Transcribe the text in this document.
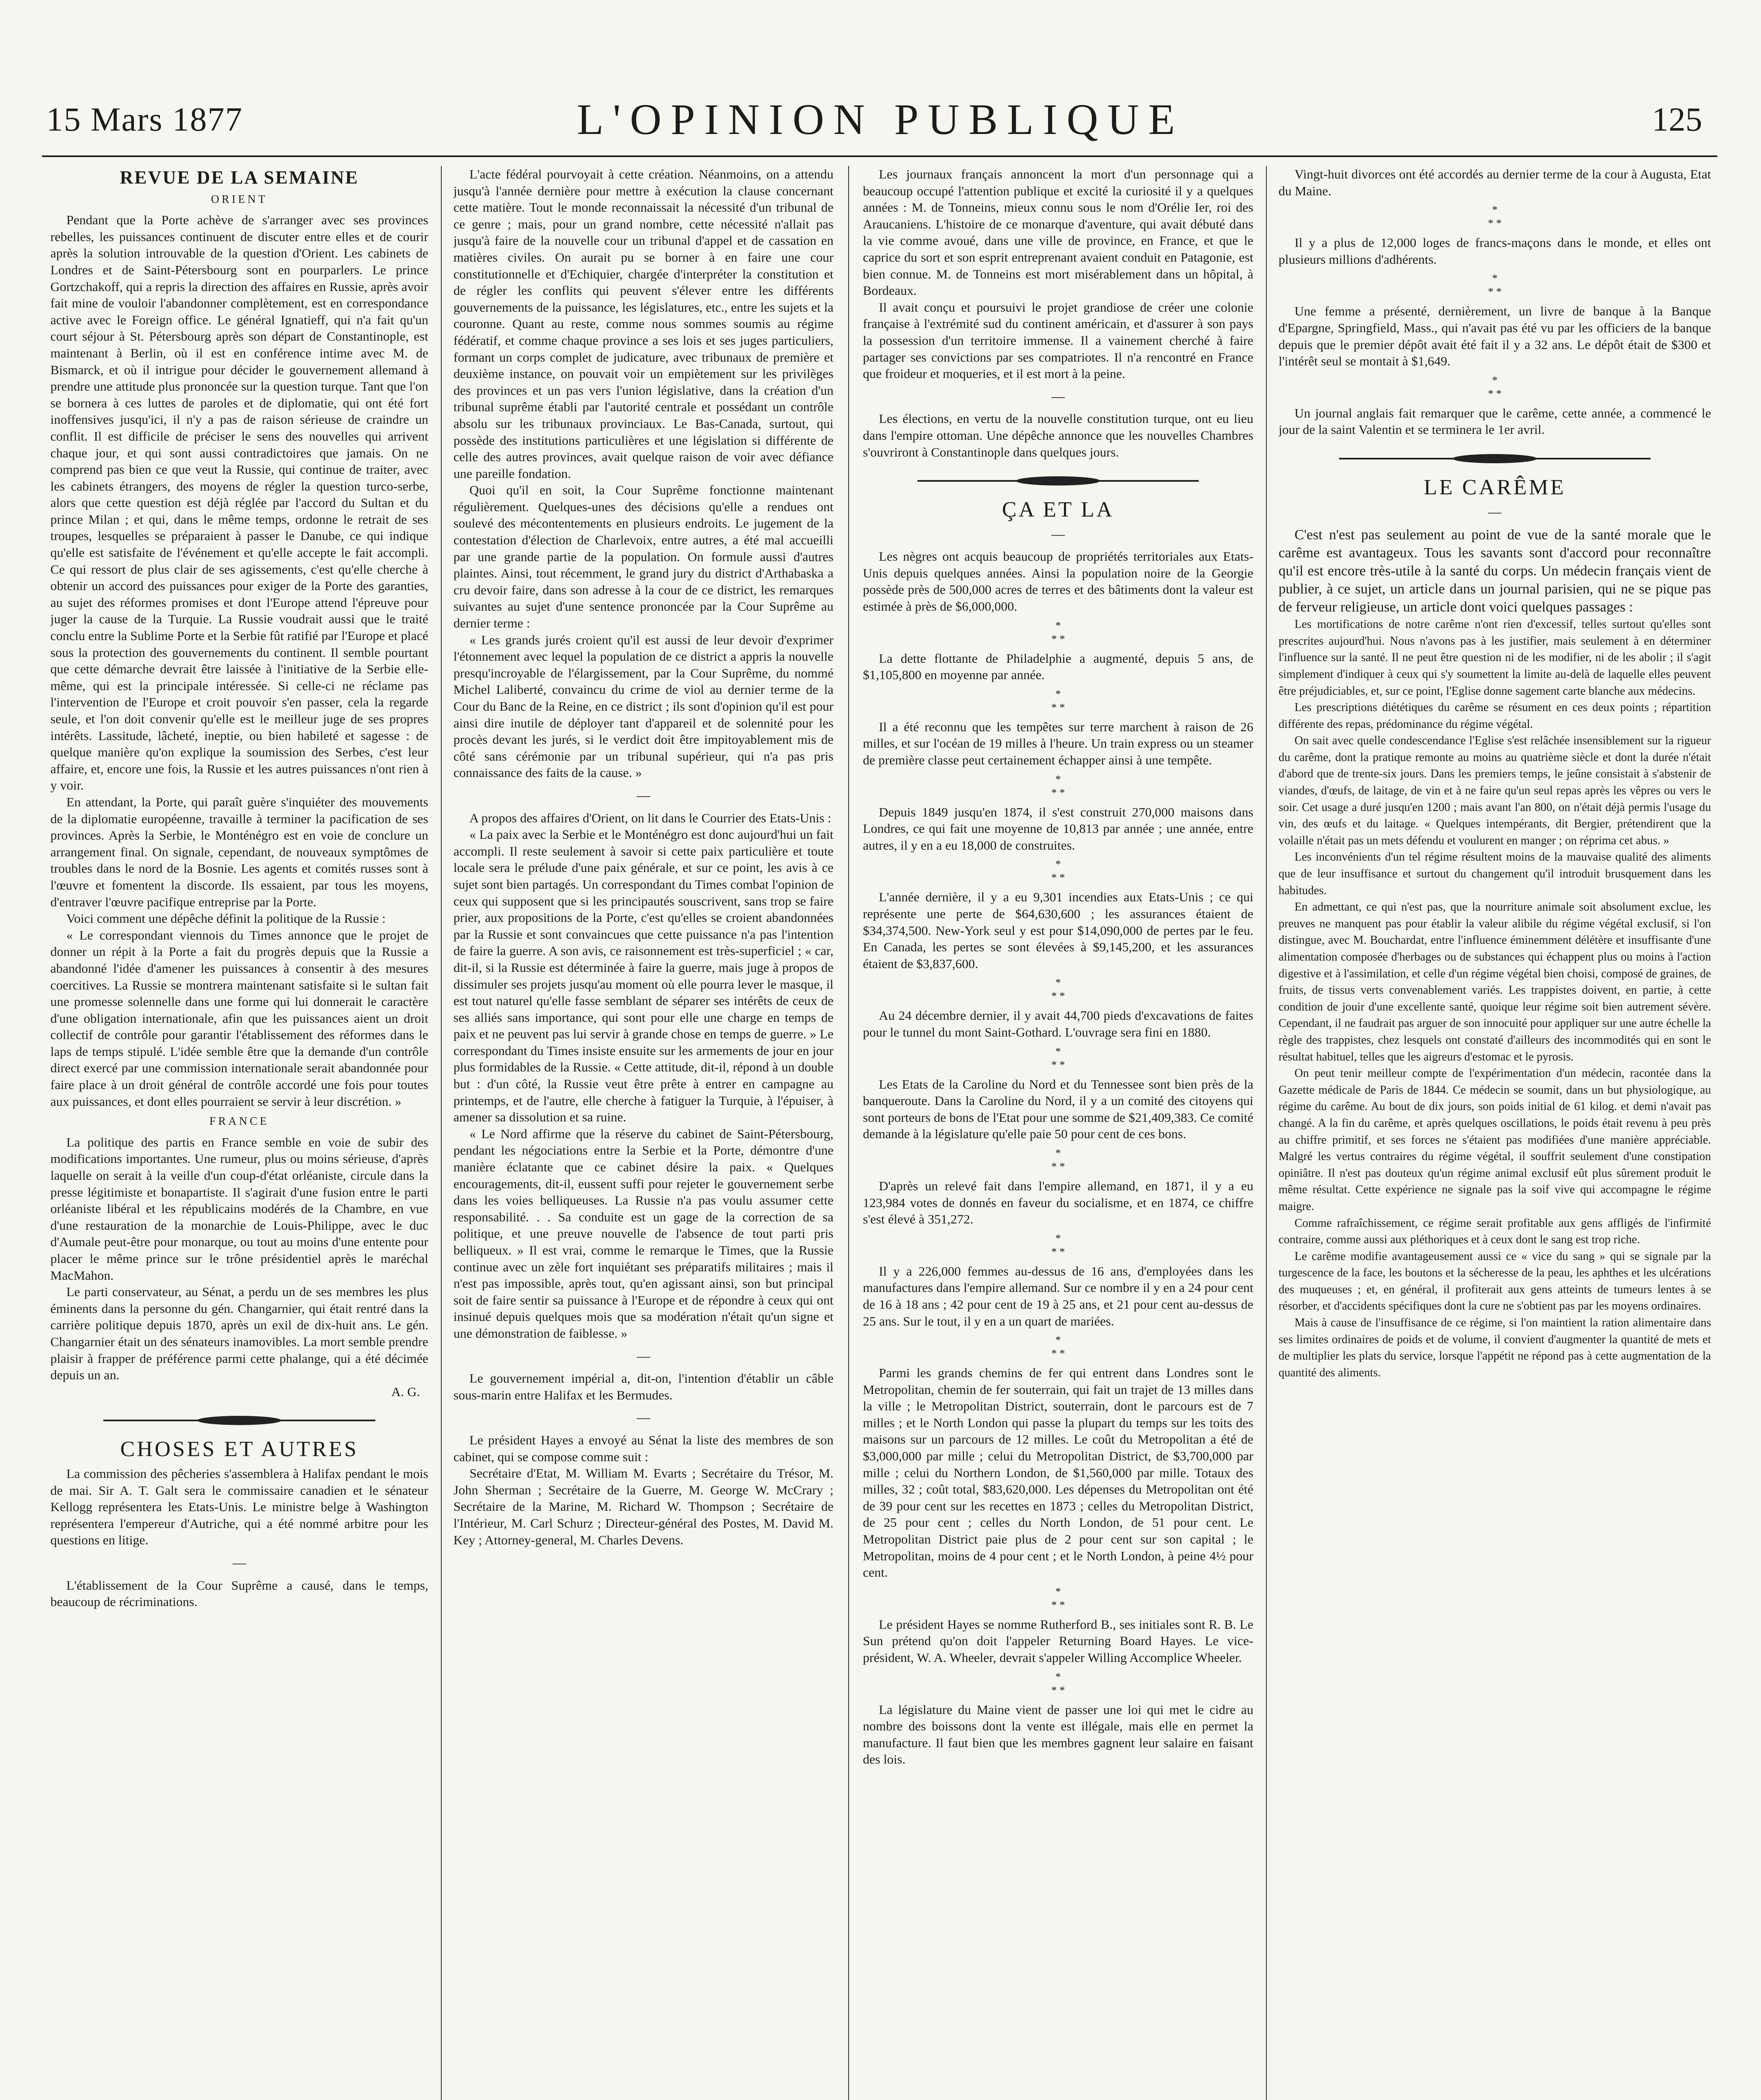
15 Mars 1877	L'OPINION PUBLIQUE	125
REVUE DE LA SEMAINE
ORIENT

Pendant que la Porte achève de s'arranger avec ses provinces rebelles, les puissances continuent de discuter entre elles et de courir après la solution introuvable de la question d'Orient. Les cabinets de Londres et de Saint-Pétersbourg sont en pourparlers. Le prince Gortzchakoff, qui a repris la direction des affaires en Russie, après avoir fait mine de vouloir l'abandonner complètement, est en correspondance active avec le Foreign office. Le général Ignatieff, qui n'a fait qu'un court séjour à St. Pétersbourg après son départ de Constantinople, est maintenant à Berlin, où il est en conférence intime avec M. de Bismarck, et où il intrigue pour décider le gouvernement allemand à prendre une attitude plus prononcée sur la question turque. Tant que l'on se bornera à ces luttes de paroles et de diplomatie, qui ont été fort inoffensives jusqu'ici, il n'y a pas de raison sérieuse de craindre un conflit. Il est difficile de préciser le sens des nouvelles qui arrivent chaque jour, et qui sont aussi contradictoires que jamais. On ne comprend pas bien ce que veut la Russie, qui continue de traiter, avec les cabinets étrangers, des moyens de régler la question turco-serbe, alors que cette question est déjà réglée par l'accord du Sultan et du prince Milan ; et qui, dans le même temps, ordonne le retrait de ses troupes, lesquelles se préparaient à passer le Danube, ce qui indique qu'elle est satisfaite de l'événement et qu'elle accepte le fait accompli. Ce qui ressort de plus clair de ses agissements, c'est qu'elle cherche à obtenir un accord des puissances pour exiger de la Porte des garanties, au sujet des réformes promises et dont l'Europe attend l'épreuve pour juger la cause de la Turquie. La Russie voudrait aussi que le traité conclu entre la Sublime Porte et la Serbie fût ratifié par l'Europe et placé sous la protection des gouvernements du continent. Il semble pourtant que cette démarche devrait être laissée à l'initiative de la Serbie elle-même, qui est la principale intéressée. Si celle-ci ne réclame pas l'intervention de l'Europe et croit pouvoir s'en passer, cela la regarde seule, et l'on doit convenir qu'elle est le meilleur juge de ses propres intérêts. Lassitude, lâcheté, ineptie, ou bien habileté et sagesse : de quelque manière qu'on explique la soumission des Serbes, c'est leur affaire, et, encore une fois, la Russie et les autres puissances n'ont rien à y voir.

En attendant, la Porte, qui paraît guère s'inquiéter des mouvements de la diplomatie européenne, travaille à terminer la pacification de ses provinces. Après la Serbie, le Monténégro est en voie de conclure un arrangement final. On signale, cependant, de nouveaux symptômes de troubles dans le nord de la Bosnie. Les agents et comités russes sont à l'œuvre et fomentent la discorde. Ils essaient, par tous les moyens, d'entraver l'œuvre pacifique entreprise par la Porte.

Voici comment une dépêche définit la politique de la Russie :

« Le correspondant viennois du Times annonce que le projet de donner un répit à la Porte a fait du progrès depuis que la Russie a abandonné l'idée d'amener les puissances à consentir à des mesures coercitives. La Russie se montrera maintenant satisfaite si le sultan fait une promesse solennelle dans une forme qui lui donnerait le caractère d'une obligation internationale, afin que les puissances aient un droit collectif de contrôle pour garantir l'établissement des réformes dans le laps de temps stipulé. L'idée semble être que la demande d'un contrôle direct exercé par une commission internationale serait abandonnée pour faire place à un droit général de contrôle accordé une fois pour toutes aux puissances, et dont elles pourraient se servir à leur discrétion. »

FRANCE

La politique des partis en France semble en voie de subir des modifications importantes. Une rumeur, plus ou moins sérieuse, d'après laquelle on serait à la veille d'un coup-d'état orléaniste, circule dans la presse légitimiste et bonapartiste. Il s'agirait d'une fusion entre le parti orléaniste libéral et les républicains modérés de la Chambre, en vue d'une restauration de la monarchie de Louis-Philippe, avec le duc d'Aumale peut-être pour monarque, ou tout au moins d'une entente pour placer le même prince sur le trône présidentiel après le maréchal MacMahon.

Le parti conservateur, au Sénat, a perdu un de ses membres les plus éminents dans la personne du gén. Changarnier, qui était rentré dans la carrière politique depuis 1870, après un exil de dix-huit ans. Le gén. Changarnier était un des sénateurs inamovibles. La mort semble prendre plaisir à frapper de préférence parmi cette phalange, qui a été décimée depuis un an.

A. G.

CHOSES ET AUTRES

La commission des pêcheries s'assemblera à Halifax pendant le mois de mai. Sir A. T. Galt sera le commissaire canadien et le sénateur Kellogg représentera les Etats-Unis. Le ministre belge à Washington représentera l'empereur d'Autriche, qui a été nommé arbitre pour les questions en litige.

—

L'établissement de la Cour Suprême a causé, dans le temps, beaucoup de récriminations.

L'acte fédéral pourvoyait à cette création. Néanmoins, on a attendu jusqu'à l'année dernière pour mettre à exécution la clause concernant cette matière. Tout le monde reconnaissait la nécessité d'un tribunal de ce genre ; mais, pour un grand nombre, cette nécessité n'allait pas jusqu'à faire de la nouvelle cour un tribunal d'appel et de cassation en matières civiles. On aurait pu se borner à en faire une cour constitutionnelle et d'Echiquier, chargée d'interpréter la constitution et de régler les conflits qui peuvent s'élever entre les différents gouvernements de la puissance, les législatures, etc., entre les sujets et la couronne. Quant au reste, comme nous sommes soumis au régime fédératif, et comme chaque province a ses lois et ses juges particuliers, formant un corps complet de judicature, avec tribunaux de première et deuxième instance, on pouvait voir un empiètement sur les privilèges des provinces et un pas vers l'union législative, dans la création d'un tribunal suprême établi par l'autorité centrale et possédant un contrôle absolu sur les tribunaux provinciaux. Le Bas-Canada, surtout, qui possède des institutions particulières et une législation si différente de celle des autres provinces, avait quelque raison de voir avec défiance une pareille fondation.

Quoi qu'il en soit, la Cour Suprême fonctionne maintenant régulièrement. Quelques-unes des décisions qu'elle a rendues ont soulevé des mécontentements en plusieurs endroits. Le jugement de la contestation d'élection de Charlevoix, entre autres, a été mal accueilli par une grande partie de la population. On formule aussi d'autres plaintes. Ainsi, tout récemment, le grand jury du district d'Arthabaska a cru devoir faire, dans son adresse à la cour de ce district, les remarques suivantes au sujet d'une sentence prononcée par la Cour Suprême au dernier terme :

« Les grands jurés croient qu'il est aussi de leur devoir d'exprimer l'étonnement avec lequel la population de ce district a appris la nouvelle presqu'incroyable de l'élargissement, par la Cour Suprême, du nommé Michel Laliberté, convaincu du crime de viol au dernier terme de la Cour du Banc de la Reine, en ce district ; ils sont d'opinion qu'il est pour ainsi dire inutile de déployer tant d'appareil et de solennité pour les procès devant les jurés, si le verdict doit être impitoyablement mis de côté sans cérémonie par un tribunal supérieur, qui n'a pas pris connaissance des faits de la cause. »

—

A propos des affaires d'Orient, on lit dans le Courrier des Etats-Unis :

« La paix avec la Serbie et le Monténégro est donc aujourd'hui un fait accompli. Il reste seulement à savoir si cette paix particulière et toute locale sera le prélude d'une paix générale, et sur ce point, les avis à ce sujet sont bien partagés. Un correspondant du Times combat l'opinion de ceux qui supposent que si les principautés souscrivent, sans trop se faire prier, aux propositions de la Porte, c'est qu'elles se croient abandonnées par la Russie et sont convaincues que cette puissance n'a pas l'intention de faire la guerre. A son avis, ce raisonnement est très-superficiel ; « car, dit-il, si la Russie est déterminée à faire la guerre, mais juge à propos de dissimuler ses projets jusqu'au moment où elle pourra lever le masque, il est tout naturel qu'elle fasse semblant de séparer ses intérêts de ceux de ses alliés sans importance, qui sont pour elle une charge en temps de paix et ne peuvent pas lui servir à grande chose en temps de guerre. » Le correspondant du Times insiste ensuite sur les armements de jour en jour plus formidables de la Russie. « Cette attitude, dit-il, répond à un double but : d'un côté, la Russie veut être prête à entrer en campagne au printemps, et de l'autre, elle cherche à fatiguer la Turquie, à l'épuiser, à amener sa dissolution et sa ruine.

« Le Nord affirme que la réserve du cabinet de Saint-Pétersbourg, pendant les négociations entre la Serbie et la Porte, démontre d'une manière éclatante que ce cabinet désire la paix. « Quelques encouragements, dit-il, eussent suffi pour rejeter le gouvernement serbe dans les voies belliqueuses. La Russie n'a pas voulu assumer cette responsabilité. . . Sa conduite est un gage de la correction de sa politique, et une preuve nouvelle de l'absence de tout parti pris belliqueux. » Il est vrai, comme le remarque le Times, que la Russie continue avec un zèle fort inquiétant ses préparatifs militaires ; mais il n'est pas impossible, après tout, qu'en agissant ainsi, son but principal soit de faire sentir sa puissance à l'Europe et de répondre à ceux qui ont insinué depuis quelques mois que sa modération n'était qu'un signe et une démonstration de faiblesse. »

—

Le gouvernement impérial a, dit-on, l'intention d'établir un câble sous-marin entre Halifax et les Bermudes.

—

Le président Hayes a envoyé au Sénat la liste des membres de son cabinet, qui se compose comme suit :

Secrétaire d'Etat, M. William M. Evarts ; Secrétaire du Trésor, M. John Sherman ; Secrétaire de la Guerre, M. George W. McCrary ; Secrétaire de la Marine, M. Richard W. Thompson ; Secrétaire de l'Intérieur, M. Carl Schurz ; Directeur-général des Postes, M. David M. Key ; Attorney-general, M. Charles Devens.

Les journaux français annoncent la mort d'un personnage qui a beaucoup occupé l'attention publique et excité la curiosité il y a quelques années : M. de Tonneins, mieux connu sous le nom d'Orélie Ier, roi des Araucaniens. L'histoire de ce monarque d'aventure, qui avait débuté dans la vie comme avoué, dans une ville de province, en France, et que le caprice du sort et son esprit entreprenant avaient conduit en Patagonie, est bien connue. M. de Tonneins est mort misérablement dans un hôpital, à Bordeaux.

Il avait conçu et poursuivi le projet grandiose de créer une colonie française à l'extrémité sud du continent américain, et d'assurer à son pays la possession d'un territoire immense. Il a vainement cherché à faire partager ses convictions par ses compatriotes. Il n'a rencontré en France que froideur et moqueries, et il est mort à la peine.

—

Les élections, en vertu de la nouvelle constitution turque, ont eu lieu dans l'empire ottoman. Une dépêche annonce que les nouvelles Chambres s'ouvriront à Constantinople dans quelques jours.

ÇA ET LA
—

Les nègres ont acquis beaucoup de propriétés territoriales aux Etats-Unis depuis quelques années. Ainsi la population noire de la Georgie possède près de 500,000 acres de terres et des bâtiments dont la valeur est estimée à près de $6,000,000.

*
* *

La dette flottante de Philadelphie a augmenté, depuis 5 ans, de $1,105,800 en moyenne par année.

*
* *

Il a été reconnu que les tempêtes sur terre marchent à raison de 26 milles, et sur l'océan de 19 milles à l'heure. Un train express ou un steamer de première classe peut certainement échapper ainsi à une tempête.

*
* *

Depuis 1849 jusqu'en 1874, il s'est construit 270,000 maisons dans Londres, ce qui fait une moyenne de 10,813 par année ; une année, entre autres, il y en a eu 18,000 de construites.

*
* *

L'année dernière, il y a eu 9,301 incendies aux Etats-Unis ; ce qui représente une perte de $64,630,600 ; les assurances étaient de $34,374,500. New-York seul y est pour $14,090,000 de pertes par le feu. En Canada, les pertes se sont élevées à $9,145,200, et les assurances étaient de $3,837,600.

*
* *

Au 24 décembre dernier, il y avait 44,700 pieds d'excavations de faites pour le tunnel du mont Saint-Gothard. L'ouvrage sera fini en 1880.

*
* *

Les Etats de la Caroline du Nord et du Tennessee sont bien près de la banqueroute. Dans la Caroline du Nord, il y a un comité des citoyens qui sont porteurs de bons de l'Etat pour une somme de $21,409,383. Ce comité demande à la législature qu'elle paie 50 pour cent de ces bons.

*
* *

D'après un relevé fait dans l'empire allemand, en 1871, il y a eu 123,984 votes de donnés en faveur du socialisme, et en 1874, ce chiffre s'est élevé à 351,272.

*
* *

Il y a 226,000 femmes au-dessus de 16 ans, d'employées dans les manufactures dans l'empire allemand. Sur ce nombre il y en a 24 pour cent de 16 à 18 ans ; 42 pour cent de 19 à 25 ans, et 21 pour cent au-dessus de 25 ans. Sur le tout, il y en a un quart de mariées.

*
* *

Parmi les grands chemins de fer qui entrent dans Londres sont le Metropolitan, chemin de fer souterrain, qui fait un trajet de 13 milles dans la ville ; le Metropolitan District, souterrain, dont le parcours est de 7 milles ; et le North London qui passe la plupart du temps sur les toits des maisons sur un parcours de 12 milles. Le coût du Metropolitan a été de $3,000,000 par mille ; celui du Metropolitan District, de $3,700,000 par mille ; celui du Northern London, de $1,560,000 par mille. Totaux des milles, 32 ; coût total, $83,620,000. Les dépenses du Metropolitan ont été de 39 pour cent sur les recettes en 1873 ; celles du Metropolitan District, de 25 pour cent ; celles du North London, de 51 pour cent. Le Metropolitan District paie plus de 2 pour cent sur son capital ; le Metropolitan, moins de 4 pour cent ; et le North London, à peine 4½ pour cent.

*
* *

Le président Hayes se nomme Rutherford B., ses initiales sont R. B. Le Sun prétend qu'on doit l'appeler Returning Board Hayes. Le vice-président, W. A. Wheeler, devrait s'appeler Willing Accomplice Wheeler.

*
* *

La législature du Maine vient de passer une loi qui met le cidre au nombre des boissons dont la vente est illégale, mais elle en permet la manufacture. Il faut bien que les membres gagnent leur salaire en faisant des lois.

Vingt-huit divorces ont été accordés au dernier terme de la cour à Augusta, Etat du Maine.

*
* *

Il y a plus de 12,000 loges de francs-maçons dans le monde, et elles ont plusieurs millions d'adhérents.

*
* *

Une femme a présenté, dernièrement, un livre de banque à la Banque d'Epargne, Springfield, Mass., qui n'avait pas été vu par les officiers de la banque depuis que le premier dépôt avait été fait il y a 32 ans. Le dépôt était de $300 et l'intérêt seul se montait à $1,649.

*
* *

Un journal anglais fait remarquer que le carême, cette année, a commencé le jour de la saint Valentin et se terminera le 1er avril.

LE CARÊME
—

C'est n'est pas seulement au point de vue de la santé morale que le carême est avantageux. Tous les savants sont d'accord pour reconnaître qu'il est encore très-utile à la santé du corps. Un médecin français vient de publier, à ce sujet, un article dans un journal parisien, qui ne se pique pas de ferveur religieuse, un article dont voici quelques passages :

Les mortifications de notre carême n'ont rien d'excessif, telles surtout qu'elles sont prescrites aujourd'hui. Nous n'avons pas à les justifier, mais seulement à en déterminer l'influence sur la santé. Il ne peut être question ni de les modifier, ni de les abolir ; il s'agit simplement d'indiquer à ceux qui s'y soumettent la limite au-delà de laquelle elles peuvent être préjudiciables, et, sur ce point, l'Eglise donne sagement carte blanche aux médecins.

Les prescriptions diététiques du carême se résument en ces deux points ; répartition différente des repas, prédominance du régime végétal.

On sait avec quelle condescendance l'Eglise s'est relâchée insensiblement sur la rigueur du carême, dont la pratique remonte au moins au quatrième siècle et dont la durée n'était d'abord que de trente-six jours. Dans les premiers temps, le jeûne consistait à s'abstenir de viandes, d'œufs, de laitage, de vin et à ne faire qu'un seul repas après les vêpres ou vers le soir. Cet usage a duré jusqu'en 1200 ; mais avant l'an 800, on n'était déjà permis l'usage du vin, des œufs et du laitage. « Quelques intempérants, dit Bergier, prétendirent que la volaille n'était pas un mets défendu et voulurent en manger ; on réprima cet abus. »

Les inconvénients d'un tel régime résultent moins de la mauvaise qualité des aliments que de leur insuffisance et surtout du changement qu'il introduit brusquement dans les habitudes.

En admettant, ce qui n'est pas, que la nourriture animale soit absolument exclue, les preuves ne manquent pas pour établir la valeur alibile du régime végétal exclusif, si l'on distingue, avec M. Bouchardat, entre l'influence éminemment délétère et insuffisante d'une alimentation composée d'herbages ou de substances qui échappent plus ou moins à l'action digestive et à l'assimilation, et celle d'un régime végétal bien choisi, composé de graines, de fruits, de tissus verts convenablement variés. Les trappistes doivent, en partie, à cette condition de jouir d'une excellente santé, quoique leur régime soit bien autrement sévère. Cependant, il ne faudrait pas arguer de son innocuité pour appliquer sur une autre échelle la règle des trappistes, chez lesquels ont constaté d'ailleurs des incommodités qui en sont le résultat habituel, telles que les aigreurs d'estomac et le pyrosis.

On peut tenir meilleur compte de l'expérimentation d'un médecin, racontée dans la Gazette médicale de Paris de 1844. Ce médecin se soumit, dans un but physiologique, au régime du carême. Au bout de dix jours, son poids initial de 61 kilog. et demi n'avait pas changé. A la fin du carême, et après quelques oscillations, le poids était revenu à peu près au chiffre primitif, et ses forces ne s'étaient pas modifiées d'une manière appréciable. Malgré les vertus contraires du régime végétal, il souffrit seulement d'une constipation opiniâtre. Il n'est pas douteux qu'un régime animal exclusif eût plus sûrement produit le même résultat. Cette expérience ne signale pas la soif vive qui accompagne le régime maigre.

Comme rafraîchissement, ce régime serait profitable aux gens affligés de l'infirmité contraire, comme aussi aux pléthoriques et à ceux dont le sang est trop riche.

Le carême modifie avantageusement aussi ce « vice du sang » qui se signale par la turgescence de la face, les boutons et la sécheresse de la peau, les aphthes et les ulcérations des muqueuses ; et, en général, il profiterait aux gens atteints de tumeurs lentes à se résorber, et d'accidents spécifiques dont la cure ne s'obtient pas par les moyens ordinaires.

Mais à cause de l'insuffisance de ce régime, si l'on maintient la ration alimentaire dans ses limites ordinaires de poids et de volume, il convient d'augmenter la quantité de mets et de multiplier les plats du service, lorsque l'appétit ne répond pas à cette augmentation de la quantité des aliments.
